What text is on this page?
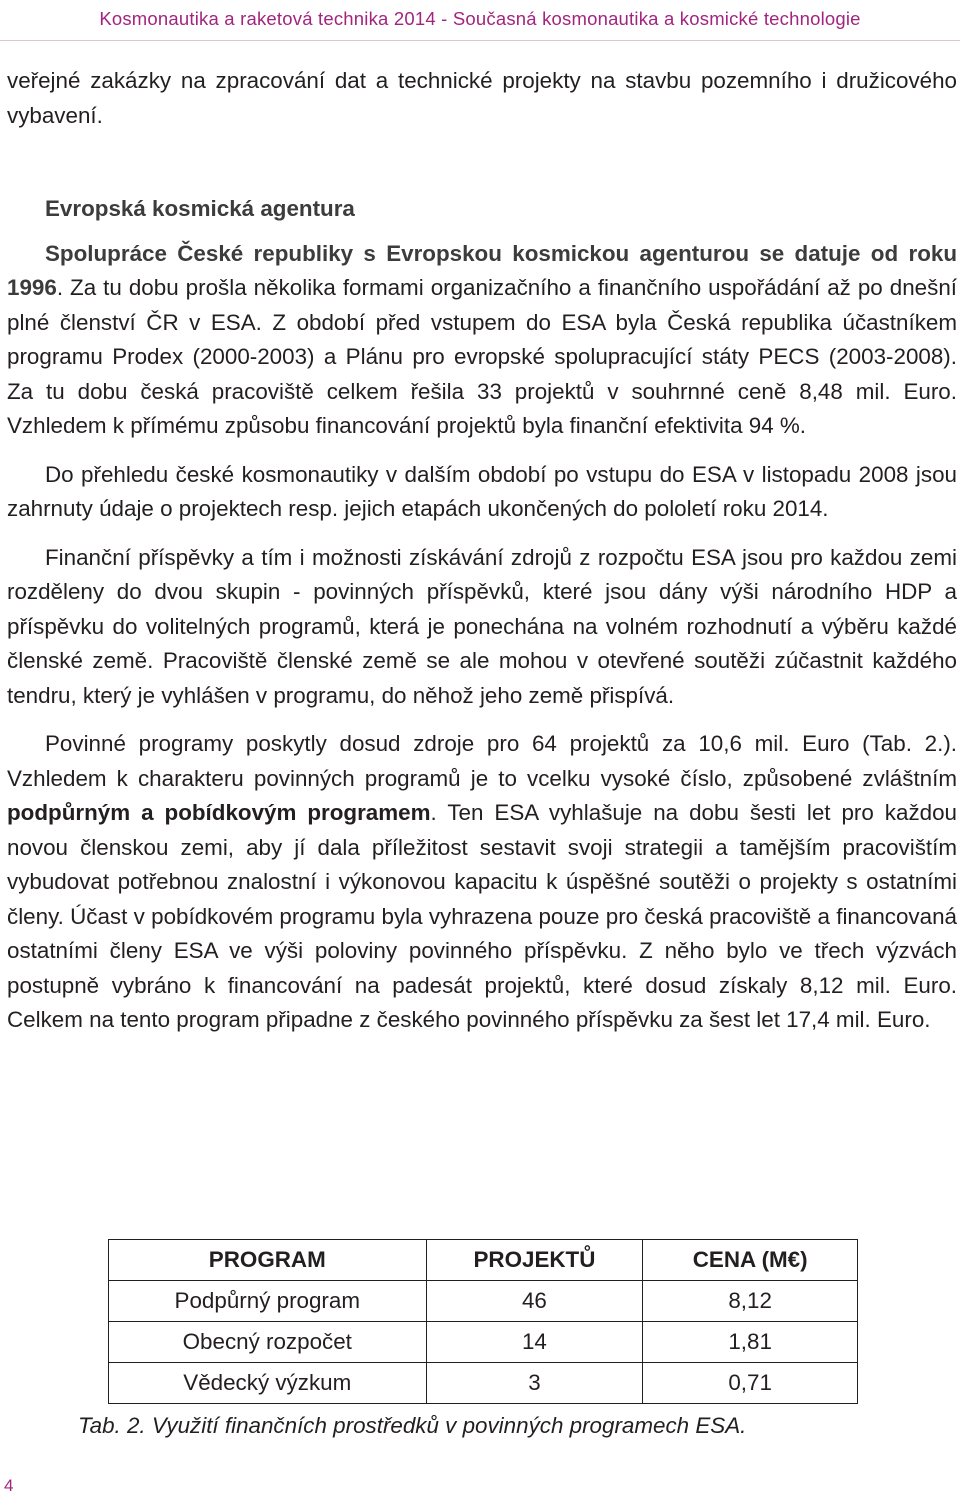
Kosmonautika a raketová technika 2014 - Současná kosmonautika a kosmické technologie

veřejné zakázky na zpracování dat a technické projekty na stavbu pozemního i družicového vybavení.

Evropská kosmická agentura

Spolupráce České republiky s Evropskou kosmickou agenturou se datuje od roku 1996. Za tu dobu prošla několika formami organizačního a finančního uspořádání až po dnešní plné členství ČR v ESA. Z období před vstupem do ESA byla Česká republika účastníkem programu Prodex (2000-2003) a Plánu pro evropské spolupracující státy PECS (2003-2008). Za tu dobu česká pracoviště celkem řešila 33 projektů v souhrnné ceně 8,48 mil. Euro. Vzhledem k přímému způsobu financování projektů byla finanční efektivita 94 %.

Do přehledu české kosmonautiky v dalším období po vstupu do ESA v listopadu 2008 jsou zahrnuty údaje o projektech resp. jejich etapách ukončených do pololetí roku 2014.

Finanční příspěvky a tím i možnosti získávání zdrojů z rozpočtu ESA jsou pro každou zemi rozděleny do dvou skupin - povinných příspěvků, které jsou dány výši národního HDP a příspěvku do volitelných programů, která je ponechána na volném rozhodnutí a výběru každé členské země. Pracoviště členské země se ale mohou v otevřené soutěži zúčastnit každého tendru, který je vyhlášen v programu, do něhož jeho země přispívá.

Povinné programy poskytly dosud zdroje pro 64 projektů za 10,6 mil. Euro (Tab. 2.). Vzhledem k charakteru povinných programů je to vcelku vysoké číslo, způsobené zvláštním podpůrným a pobídkovým programem. Ten ESA vyhlašuje na dobu šesti let pro každou novou členskou zemi, aby jí dala příležitost sestavit svoji strategii a tamějším pracovištím vybudovat potřebnou znalostní i výkonovou kapacitu k úspěšné soutěži o projekty s ostatními členy. Účast v pobídkovém programu byla vyhrazena pouze pro česká pracoviště a financovaná ostatními členy ESA ve výši poloviny povinného příspěvku. Z něho bylo ve třech výzvách postupně vybráno k financování na padesát projektů, které dosud získaly 8,12 mil. Euro. Celkem na tento program připadne z českého povinného příspěvku za šest let 17,4 mil. Euro.

PROGRAM	PROJEKTŮ	CENA (M€)
Podpůrný program	46	8,12
Obecný rozpočet	14	1,81
Vědecký výzkum	3	0,71
Tab. 2. Využití finančních prostředků v povinných programech ESA.
4
